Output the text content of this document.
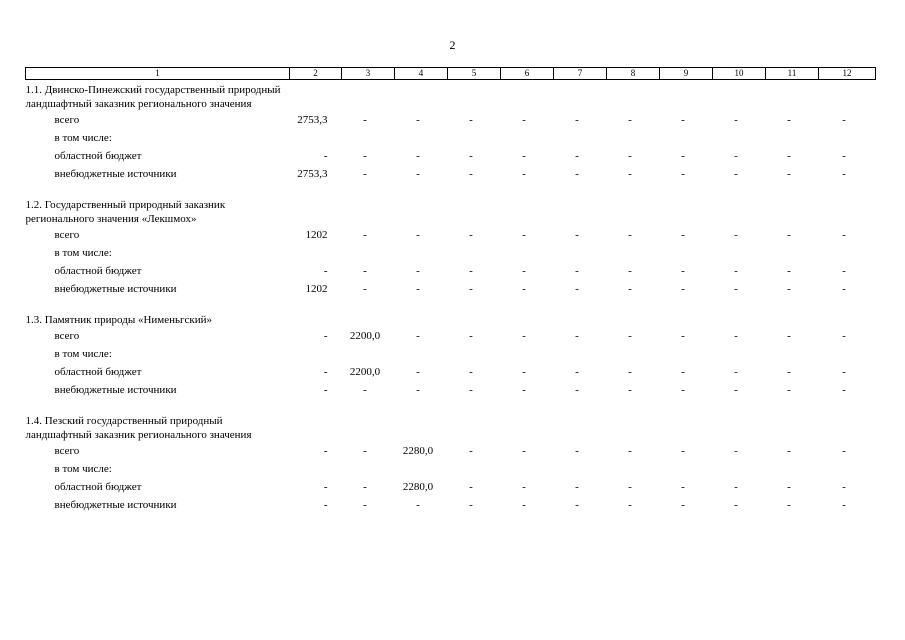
2
1	2	3	4	5	6	7	8	9	10	11	12
1.1. Двинско-Пинежский государственный природный ландшафтный заказник регионального значения											
всего	2753,3	-	-	-	-	-	-	-	-	-	-
в том числе:											
областной бюджет	-	-	-	-	-	-	-	-	-	-	-
внебюджетные источники	2753,3	-	-	-	-	-	-	-	-	-	-

1.2. Государственный природный заказник регионального значения «Лекшмох»											
всего	1202	-	-	-	-	-	-	-	-	-	-
в том числе:											
областной бюджет	-	-	-	-	-	-	-	-	-	-	-
внебюджетные источники	1202	-	-	-	-	-	-	-	-	-	-

1.3. Памятник природы «Нименьгский»											
всего	-	2200,0	-	-	-	-	-	-	-	-	-
в том числе:											
областной бюджет	-	2200,0	-	-	-	-	-	-	-	-	-
внебюджетные источники	-	-	-	-	-	-	-	-	-	-	-

1.4. Пезский государственный природный ландшафтный заказник регионального значения											
всего	-	-	2280,0	-	-	-	-	-	-	-	-
в том числе:											
областной бюджет	-	-	2280,0	-	-	-	-	-	-	-	-
внебюджетные источники	-	-	-	-	-	-	-	-	-	-	-
